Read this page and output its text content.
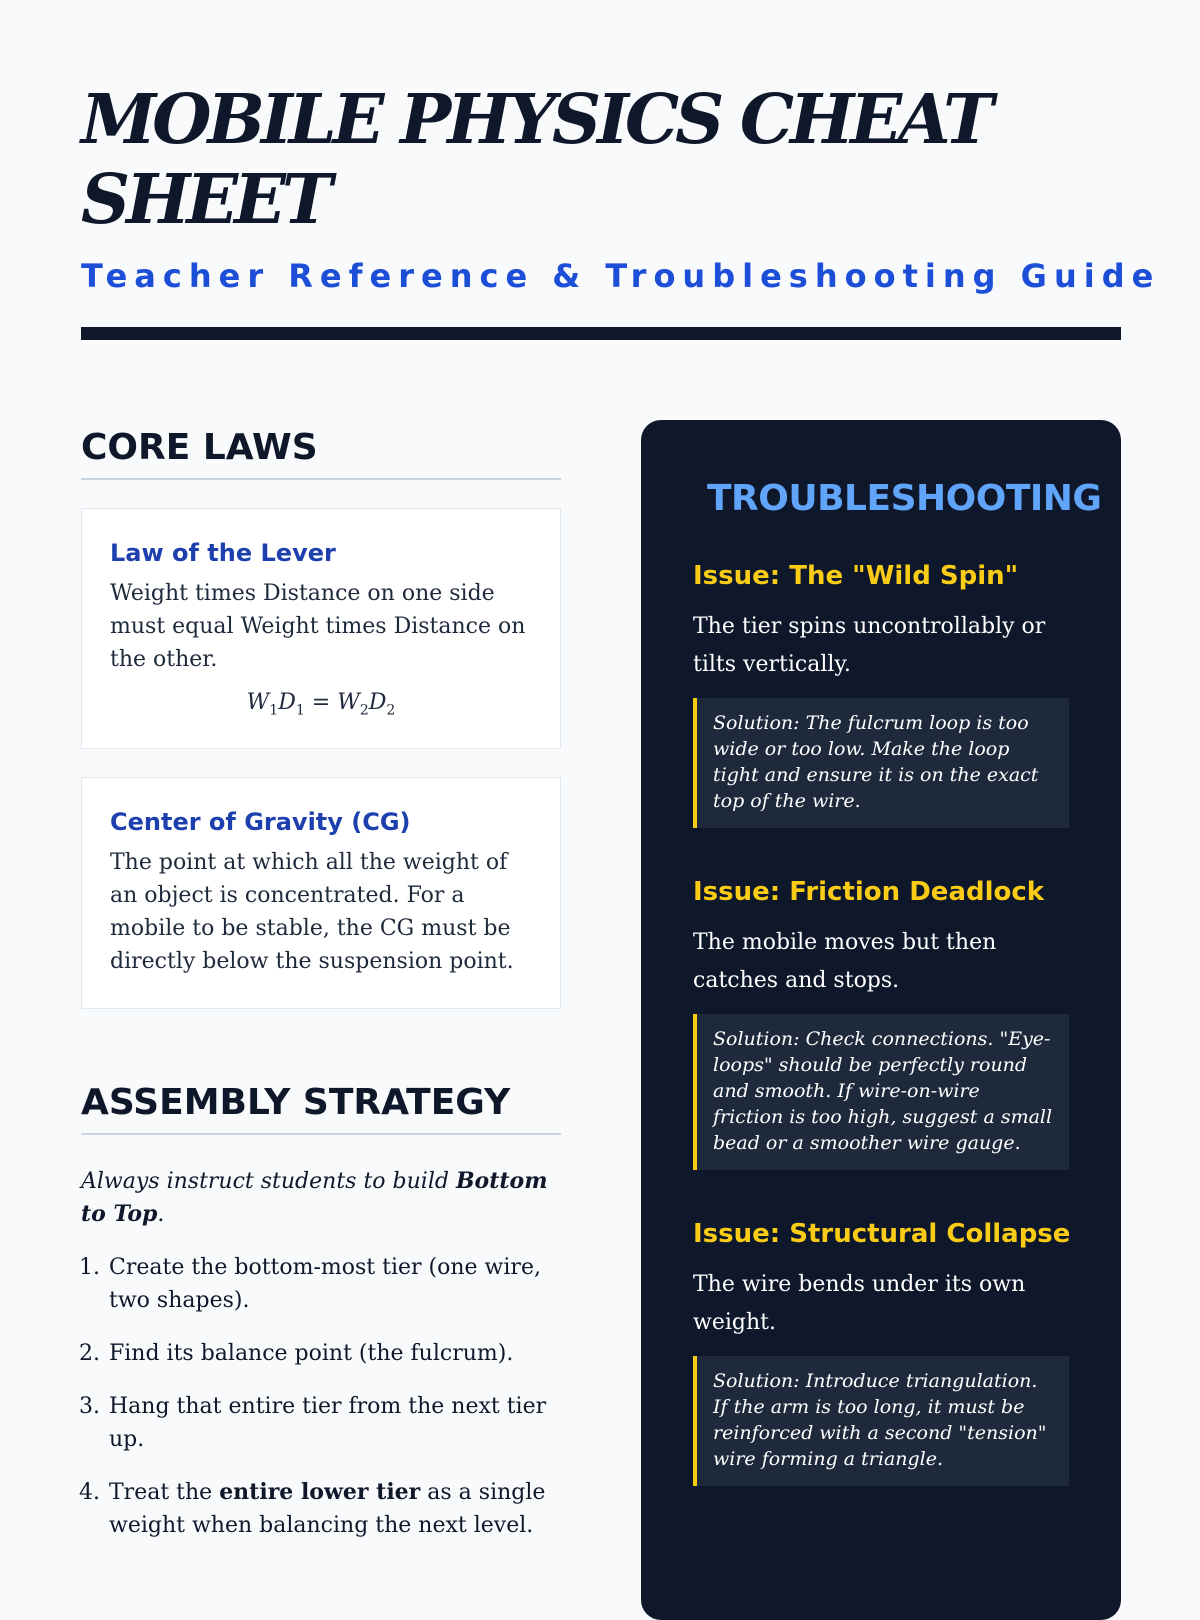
MOBILE PHYSICS CHEAT SHEET
Teacher Reference & Troubleshooting Guide
CORE LAWS
Law of the Lever

Weight times Distance on one side must equal Weight times Distance on the other.

$W_1D_1 = W_2D_2$
Center of Gravity (CG)

The point at which all the weight of an object is concentrated. For a mobile to be stable, the CG must be directly below the suspension point.

ASSEMBLY STRATEGY

Always instruct students to build Bottom to Top.

1. Create the bottom-most tier (one wire, two shapes).
2. Find its balance point (the fulcrum).
3. Hang that entire tier from the next tier up.
4. Treat the entire lower tier as a single weight when balancing the next level.
TROUBLESHOOTING
Issue: The "Wild Spin"

The tier spins uncontrollably or tilts vertically.

Solution: The fulcrum loop is too wide or too low. Make the loop tight and ensure it is on the exact top of the wire.
Issue: Friction Deadlock

The mobile moves but then catches and stops.

Solution: Check connections. "Eye-loops" should be perfectly round and smooth. If wire-on-wire friction is too high, suggest a small bead or a smoother wire gauge.
Issue: Structural Collapse

The wire bends under its own weight.

Solution: Introduce triangulation. If the arm is too long, it must be reinforced with a second "tension" wire forming a triangle.
